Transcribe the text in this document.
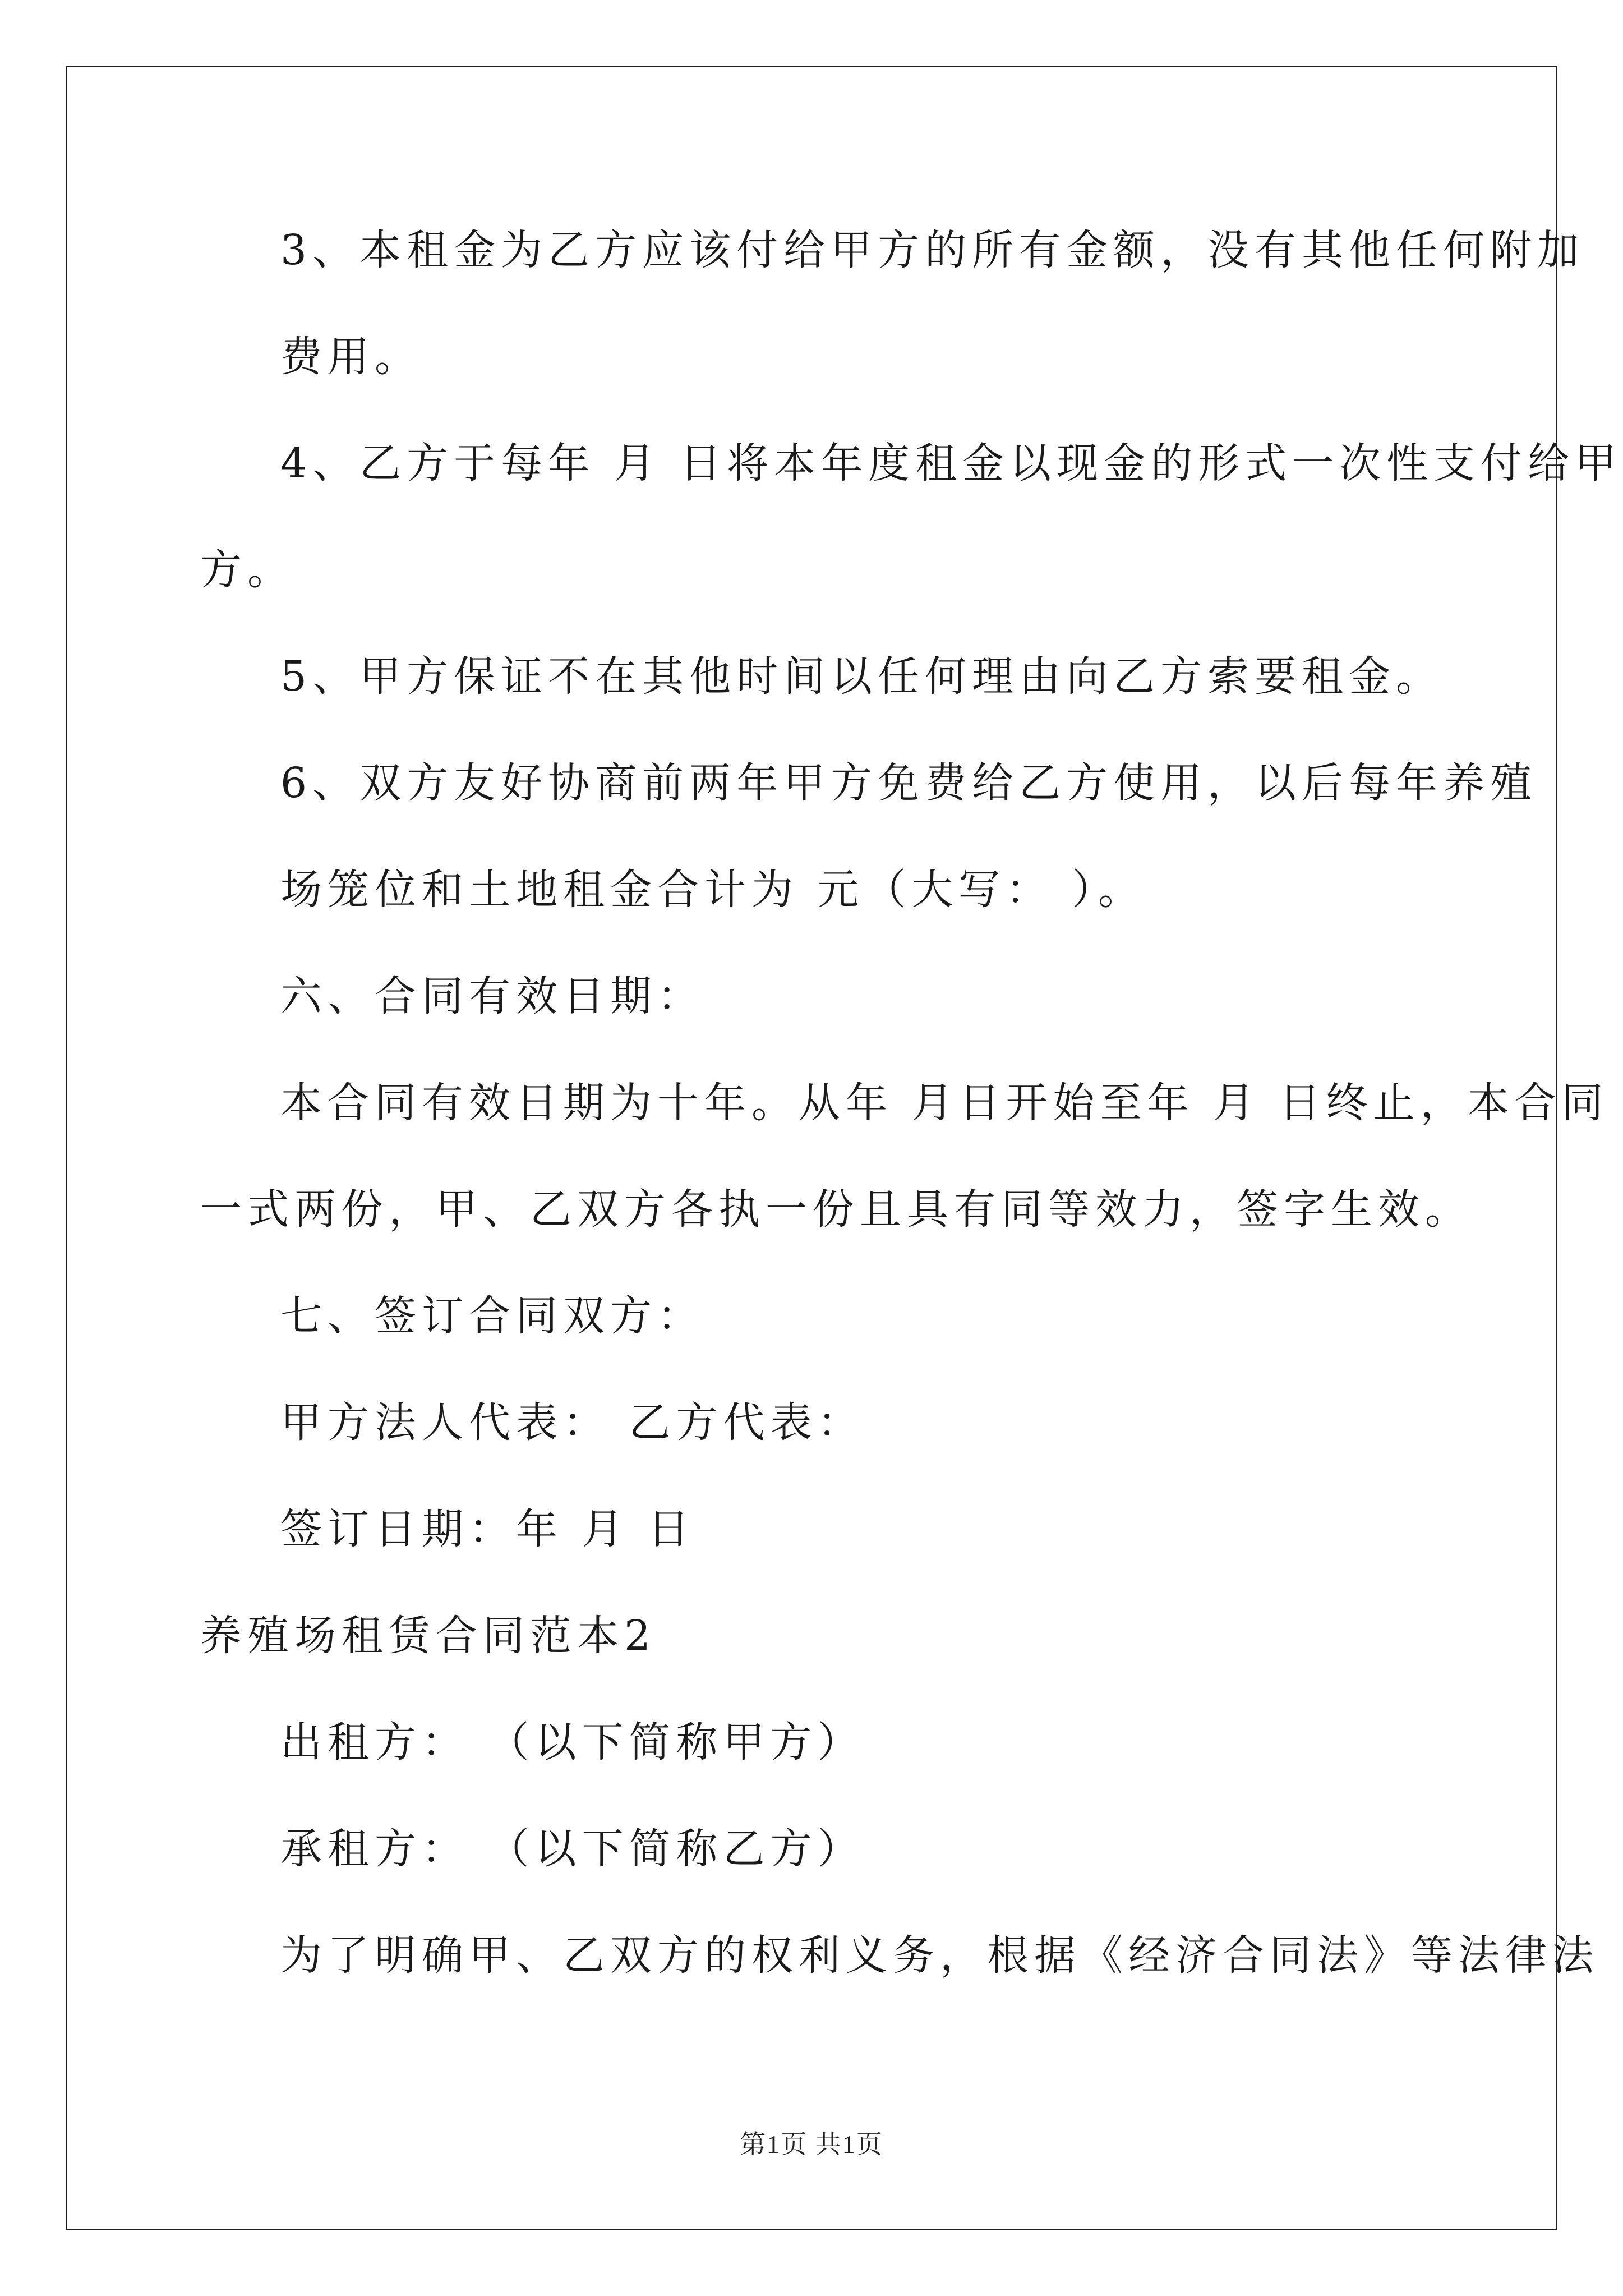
3、本租金为乙方应该付给甲方的所有金额，没有其他任何附加
费用。
4、乙方于每年 月 日将本年度租金以现金的形式一次性支付给甲
方。
5、甲方保证不在其他时间以任何理由向乙方索要租金。
6、双方友好协商前两年甲方免费给乙方使用，以后每年养殖
场笼位和土地租金合计为 元（大写： ）。
六、合同有效日期：
本合同有效日期为十年。从年 月日开始至年 月 日终止，本合同
一式两份，甲、乙双方各执一份且具有同等效力，签字生效。
七、签订合同双方：
甲方法人代表： 乙方代表：
签订日期：年 月 日
养殖场租赁合同范本2
出租方： （以下简称甲方）
承租方： （以下简称乙方）
为了明确甲、乙双方的权利义务，根据《经济合同法》等法律法
第1页 共1页
